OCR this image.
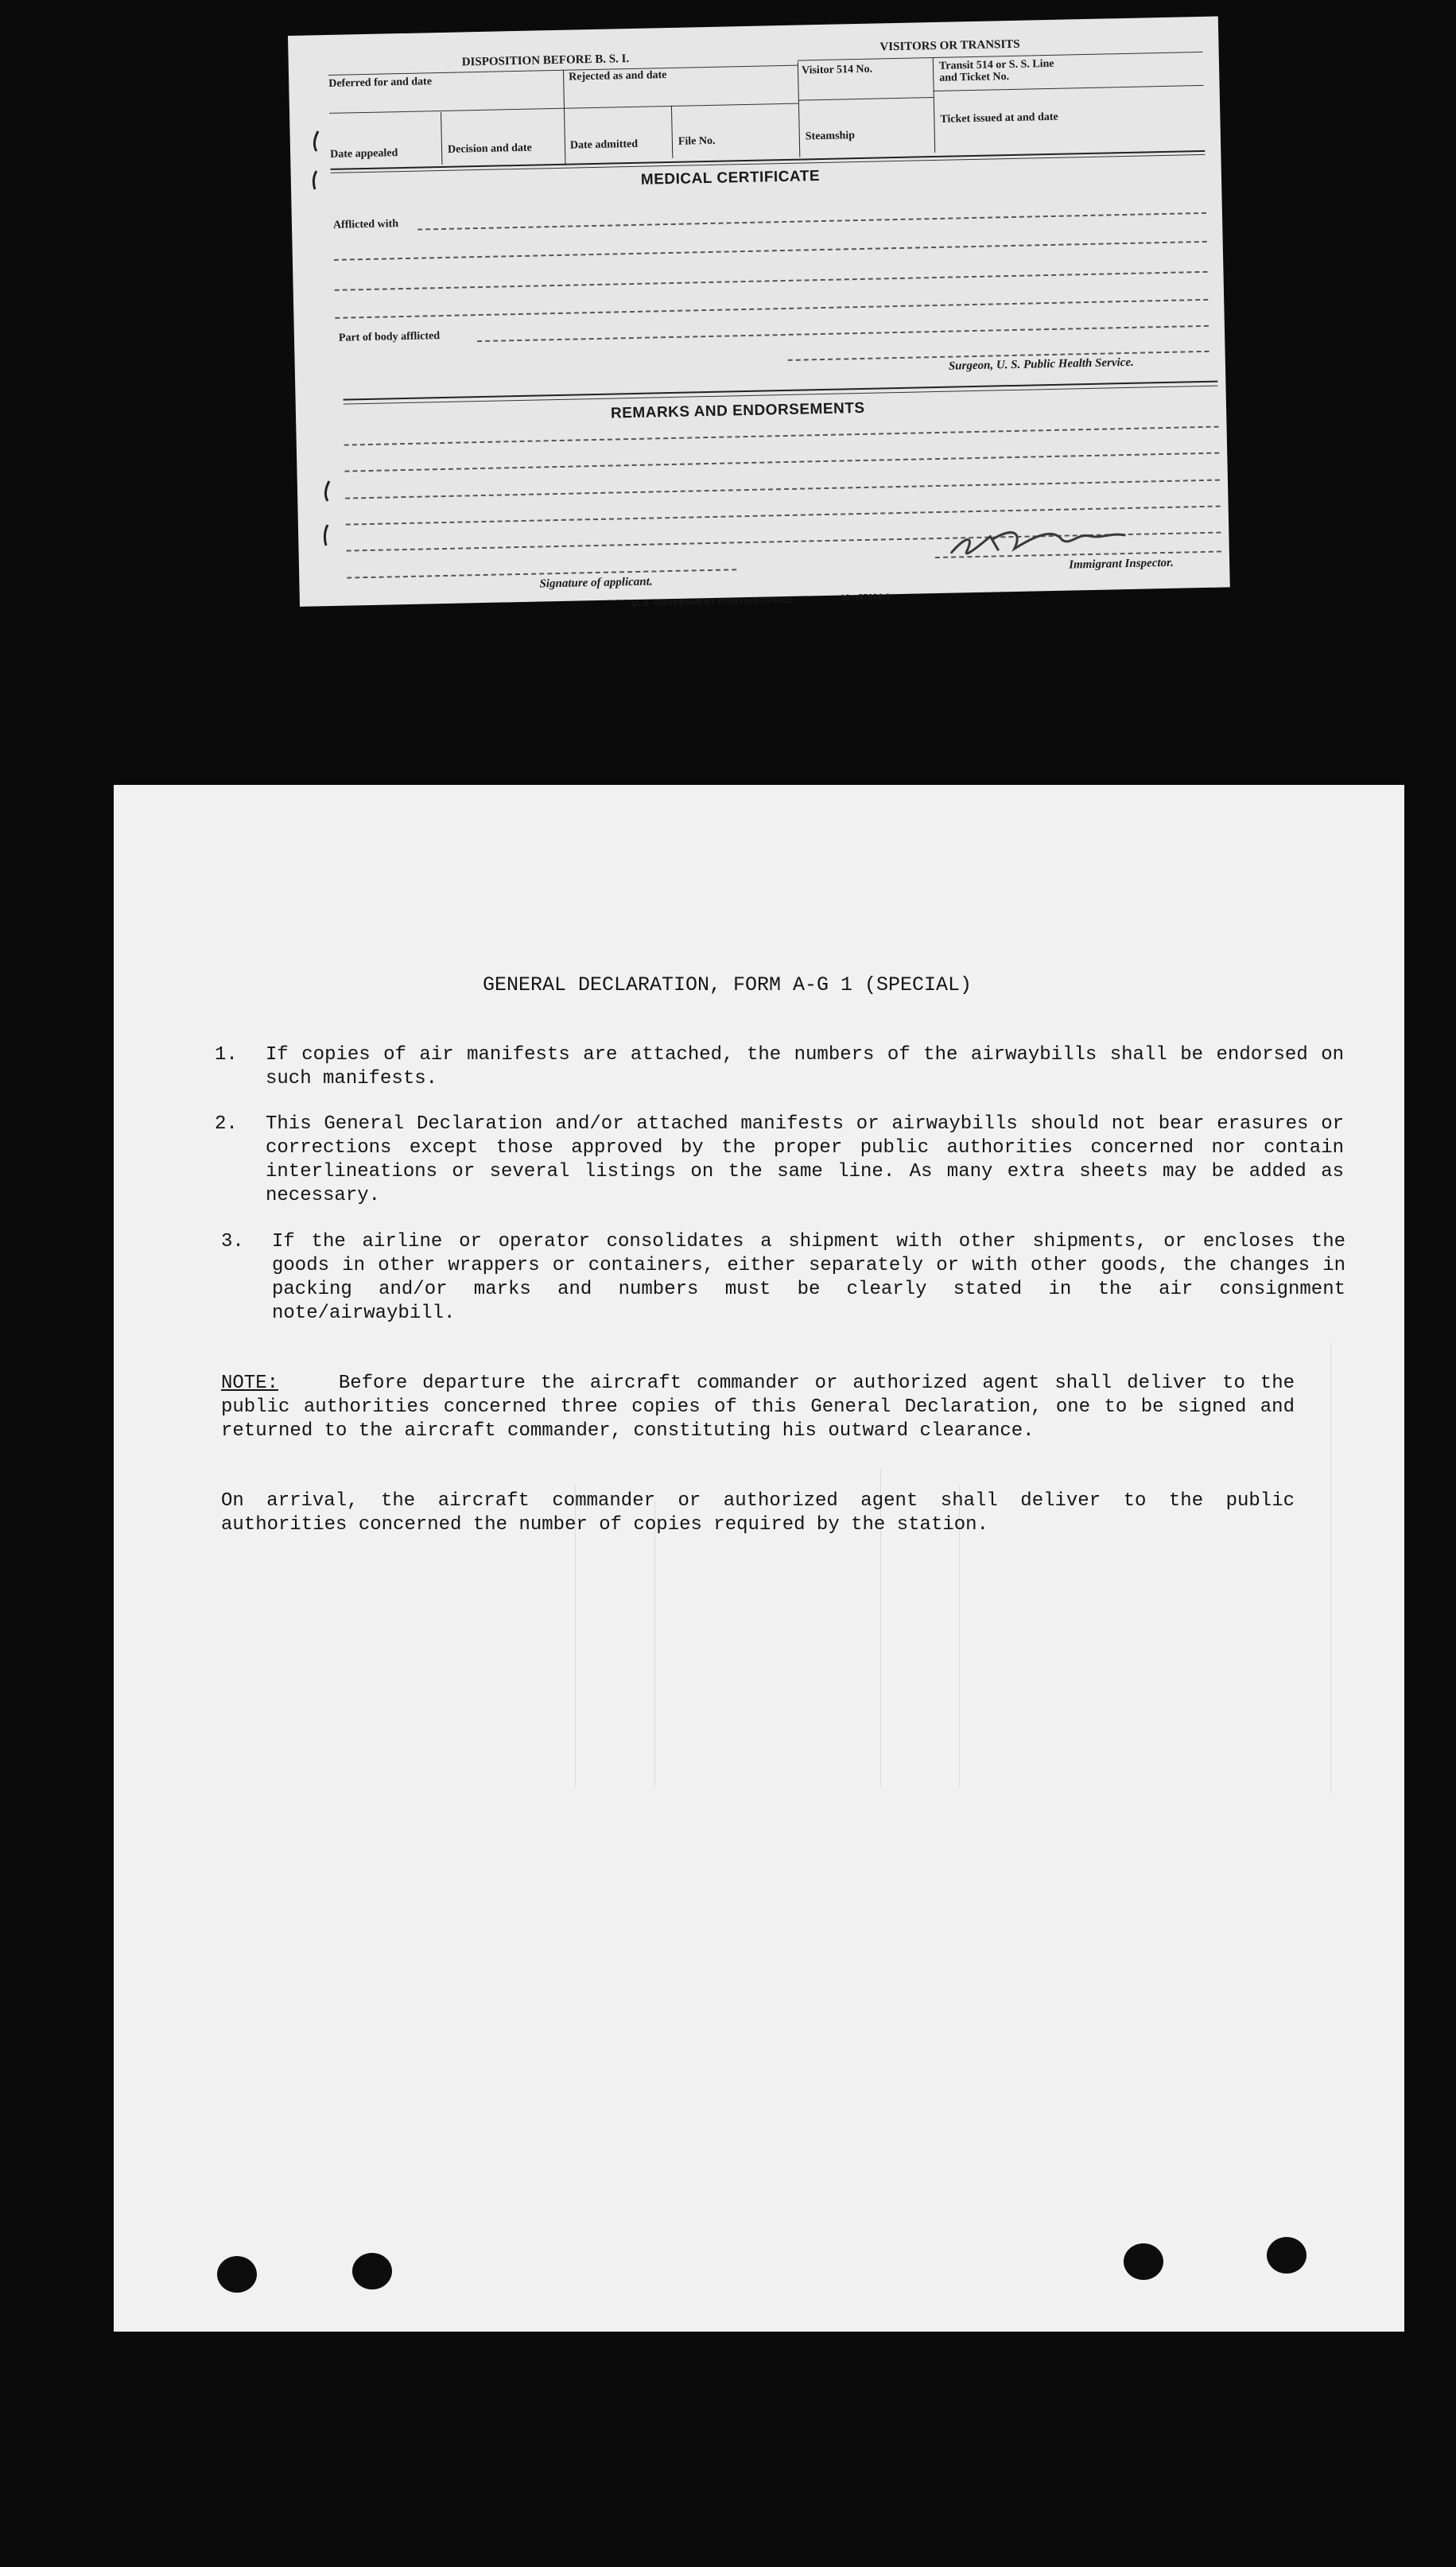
DISPOSITION BEFORE B. S. I.
VISITORS OR TRANSITS
Deferred for and date	Rejected as and date	Visitor 514 No.	Transit 514 or S. S. Line
and Ticket No.
Date appealed	Decision and date	Date admitted	File No.	Steamship
Ticket issued at and date
MEDICAL CERTIFICATE
Afflicted with
Part of body afflicted
Surgeon, U. S. Public Health Service.
REMARKS AND ENDORSEMENTS
Signature of applicant.
Immigrant Inspector.
U. S. GOVERNMENT PRINTING OFFICE	16—57034-1
GENERAL DECLARATION, FORM A-G 1 (SPECIAL)
1. If copies of air manifests are attached, the numbers of the airwaybills shall be endorsed on such manifests.
2. This General Declaration and/or attached manifests or airwaybills should not bear erasures or corrections except those approved by the proper public authorities concerned nor contain interlineations or several listings on the same line. As many extra sheets may be added as necessary.
3. If the airline or operator consolidates a shipment with other shipments, or encloses the goods in other wrappers or containers, either separately or with other goods, the changes in packing and/or marks and numbers must be clearly stated in the air consignment note/airwaybill.
NOTE:	Before departure the aircraft commander or authorized agent shall deliver to the public authorities concerned three copies of this General Declaration, one to be signed and returned to the aircraft commander, constituting his outward clearance.
On arrival, the aircraft commander or authorized agent shall deliver to the public authorities concerned the number of copies required by the station.
